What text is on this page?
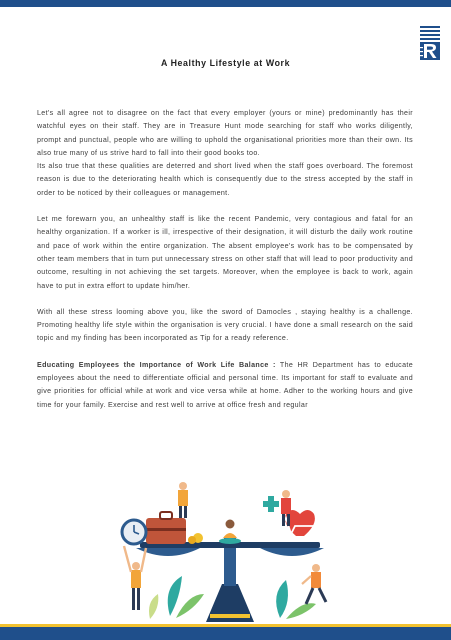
A Healthy Lifestyle at Work

Let's all agree not to disagree on the fact that every employer (yours or mine) predominantly has their watchful eyes on their staff. They are in Treasure Hunt mode searching for staff who works diligently, prompt and punctual, people who are willing to uphold the organisational priorities more than their own. Its also true many of us strive hard to fall into their good books too.

Its also true that these qualities are deterred and short lived when the staff goes overboard. The foremost reason is due to the deteriorating health which is consequently due to the stress accepted by the staff in order to be noticed by their colleagues or management.

Let me forewarn you, an unhealthy staff is like the recent Pandemic, very contagious and fatal for an healthy organization. If a worker is ill, irrespective of their designation, it will disturb the daily work routine and pace of work within the entire organization. The absent employee's work has to be compensated by other team members that in turn put unnecessary stress on other staff that will lead to poor productivity and outcome, resulting in not achieving the set targets. Moreover, when the employee is back to work, again have to put in extra effort to update him/her.

With all these stress looming above you, like the sword of Damocles , staying healthy is a challenge. Promoting healthy life style within the organisation is very crucial. I have done a small research on the said topic and my finding has been incorporated as Tip for a ready reference.

Educating Employees the Importance of Work Life Balance : The HR Department has to educate employees about the need to differentiate official and personal time. Its important for staff to evaluate and give priorities for official while at work and vice versa while at home. Adher to the working hours and give time for your family. Exercise and rest well to arrive at office fresh and regular
